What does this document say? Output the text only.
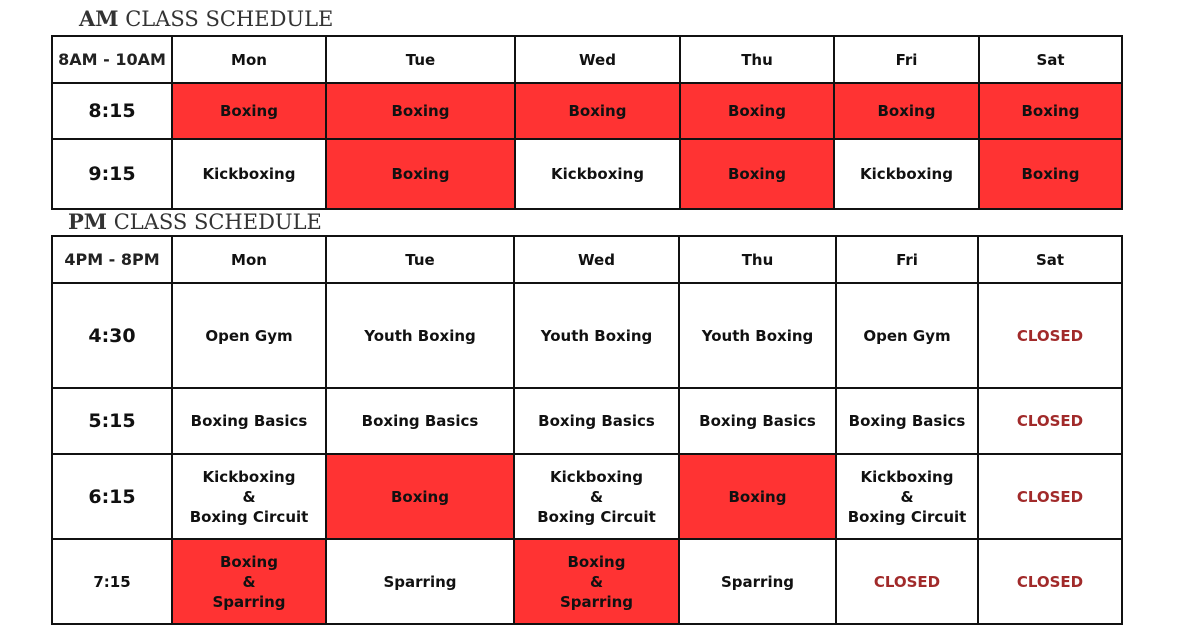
AM CLASS SCHEDULE
8AM - 10AM	Mon	Tue	Wed	Thu	Fri	Sat
8:15	Boxing	Boxing	Boxing	Boxing	Boxing	Boxing
9:15	Kickboxing	Boxing	Kickboxing	Boxing	Kickboxing	Boxing
PM CLASS SCHEDULE
4PM - 8PM	Mon	Tue	Wed	Thu	Fri	Sat
4:30	Open Gym	Youth Boxing	Youth Boxing	Youth Boxing	Open Gym	CLOSED
5:15	Boxing Basics	Boxing Basics	Boxing Basics	Boxing Basics	Boxing Basics	CLOSED
6:15	Kickboxing
&
Boxing Circuit	Boxing	Kickboxing
&
Boxing Circuit	Boxing	Kickboxing
&
Boxing Circuit	CLOSED
7:15	Boxing
&
Sparring	Sparring	Boxing
&
Sparring	Sparring	CLOSED	CLOSED
